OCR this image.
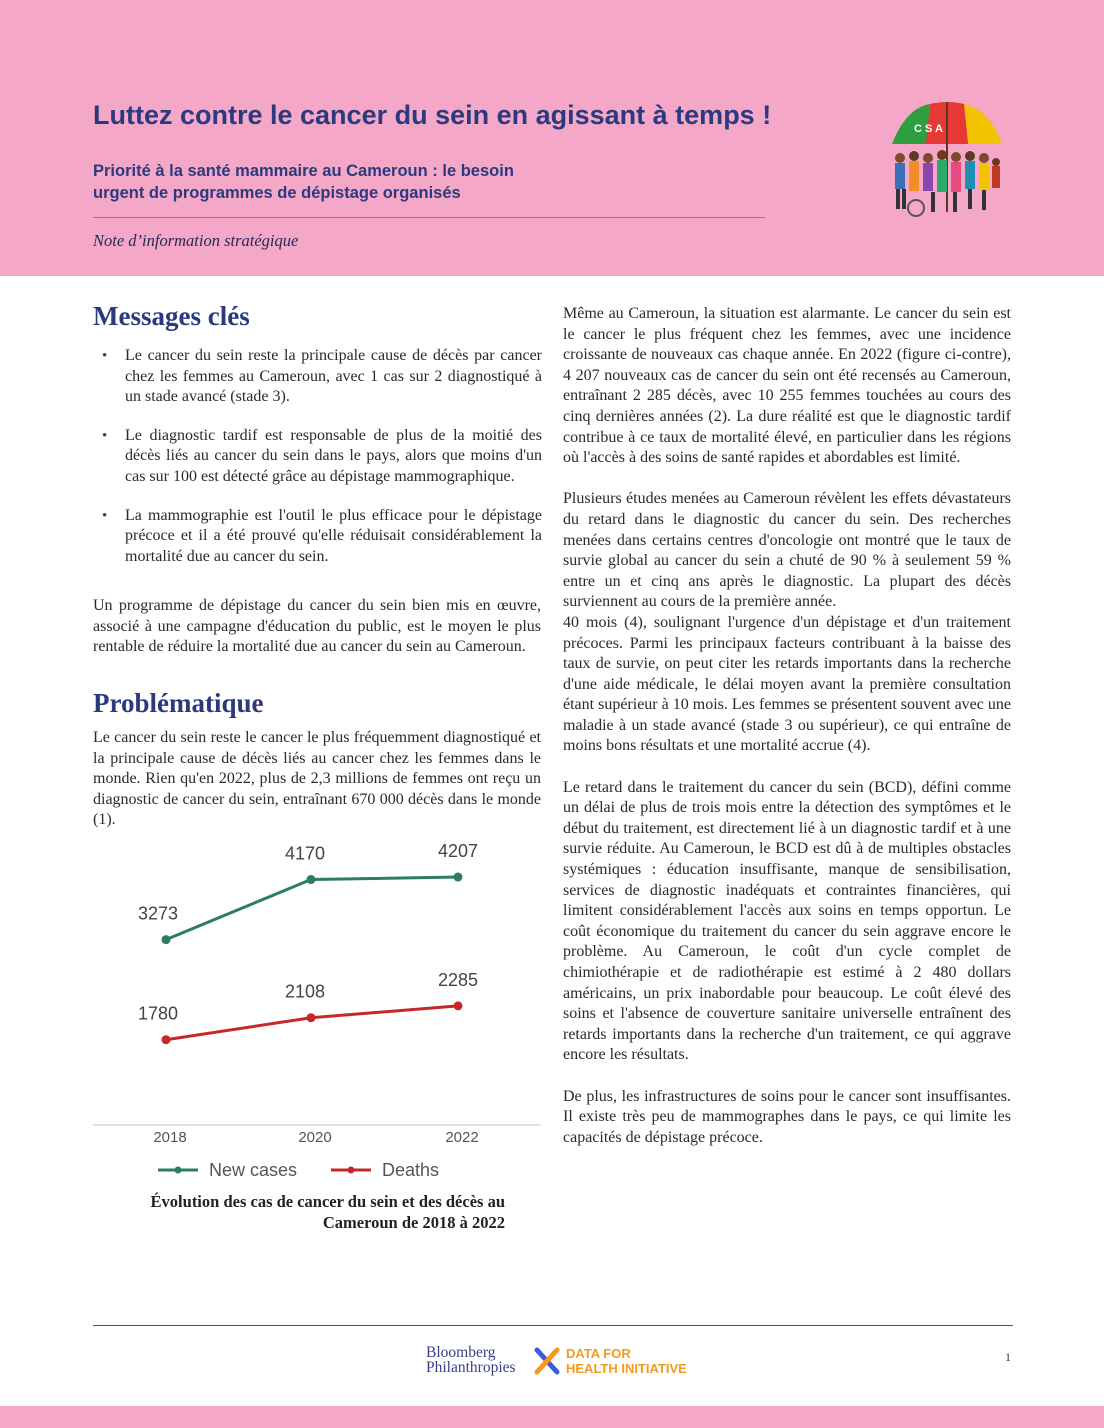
Luttez contre le cancer du sein en agissant à temps !
Priorité à la santé mammaire au Cameroun : le besoin
urgent de programmes de dépistage organisés

Note d’information stratégique

C S A
Messages clés
• Le cancer du sein reste la principale cause de décès par cancer chez les femmes au Cameroun, avec 1 cas sur 2 diagnostiqué à un stade avancé (stade 3).
• Le diagnostic tardif est responsable de plus de la moitié des décès liés au cancer du sein dans le pays, alors que moins d'un cas sur 100 est détecté grâce au dépistage mammographique.
• La mammographie est l'outil le plus efficace pour le dépistage précoce et il a été prouvé qu'elle réduisait considérablement la mortalité due au cancer du sein.

Un programme de dépistage du cancer du sein bien mis en œuvre, associé à une campagne d'éducation du public, est le moyen le plus rentable de réduire la mortalité due au cancer du sein au Cameroun.

Problématique

Le cancer du sein reste le cancer le plus fréquemment diagnostiqué et la principale cause de décès liés au cancer chez les femmes dans le monde. Rien qu'en 2022, plus de 2,3 millions de femmes ont reçu un diagnostic de cancer du sein, entraînant 670 000 décès dans le monde (1).

2018	2020	2022
3273
4170	4207
1780
2108
2285
New cases	Deaths

Évolution des cas de cancer du sein et des décès au Cameroun de 2018 à 2022

Même au Cameroun, la situation est alarmante. Le cancer du sein est le cancer le plus fréquent chez les femmes, avec une incidence croissante de nouveaux cas chaque année. En 2022 (figure ci-contre), 4 207 nouveaux cas de cancer du sein ont été recensés au Cameroun, entraînant 2 285 décès, avec 10 255 femmes touchées au cours des cinq dernières années (2). La dure réalité est que le diagnostic tardif contribue à ce taux de mortalité élevé, en particulier dans les régions où l'accès à des soins de santé rapides et abordables est limité.

Plusieurs études menées au Cameroun révèlent les effets dévastateurs du retard dans le diagnostic du cancer du sein. Des recherches menées dans certains centres d'oncologie ont montré que le taux de survie global au cancer du sein a chuté de 90 % à seulement 59 % entre un et cinq ans après le diagnostic. La plupart des décès surviennent au cours de la première année.

40 mois (4), soulignant l'urgence d'un dépistage et d'un traitement précoces. Parmi les principaux facteurs contribuant à la baisse des taux de survie, on peut citer les retards importants dans la recherche d'une aide médicale, le délai moyen avant la première consultation étant supérieur à 10 mois. Les femmes se présentent souvent avec une maladie à un stade avancé (stade 3 ou supérieur), ce qui entraîne de moins bons résultats et une mortalité accrue (4).

Le retard dans le traitement du cancer du sein (BCD), défini comme un délai de plus de trois mois entre la détection des symptômes et le début du traitement, est directement lié à un diagnostic tardif et à une survie réduite. Au Cameroun, le BCD est dû à de multiples obstacles systémiques : éducation insuffisante, manque de sensibilisation, services de diagnostic inadéquats et contraintes financières, qui limitent considérablement l'accès aux soins en temps opportun. Le coût économique du traitement du cancer du sein aggrave encore le problème. Au Cameroun, le coût d'un cycle complet de chimiothérapie et de radiothérapie est estimé à 2 480 dollars américains, un prix inabordable pour beaucoup. Le coût élevé des soins et l'absence de couverture sanitaire universelle entraînent des retards importants dans la recherche d'un traitement, ce qui aggrave encore les résultats.

De plus, les infrastructures de soins pour le cancer sont insuffisantes. Il existe très peu de mammographes dans le pays, ce qui limite les capacités de dépistage précoce.

Bloomberg
Philanthropies
DATA FOR
HEALTH INITIATIVE
1
